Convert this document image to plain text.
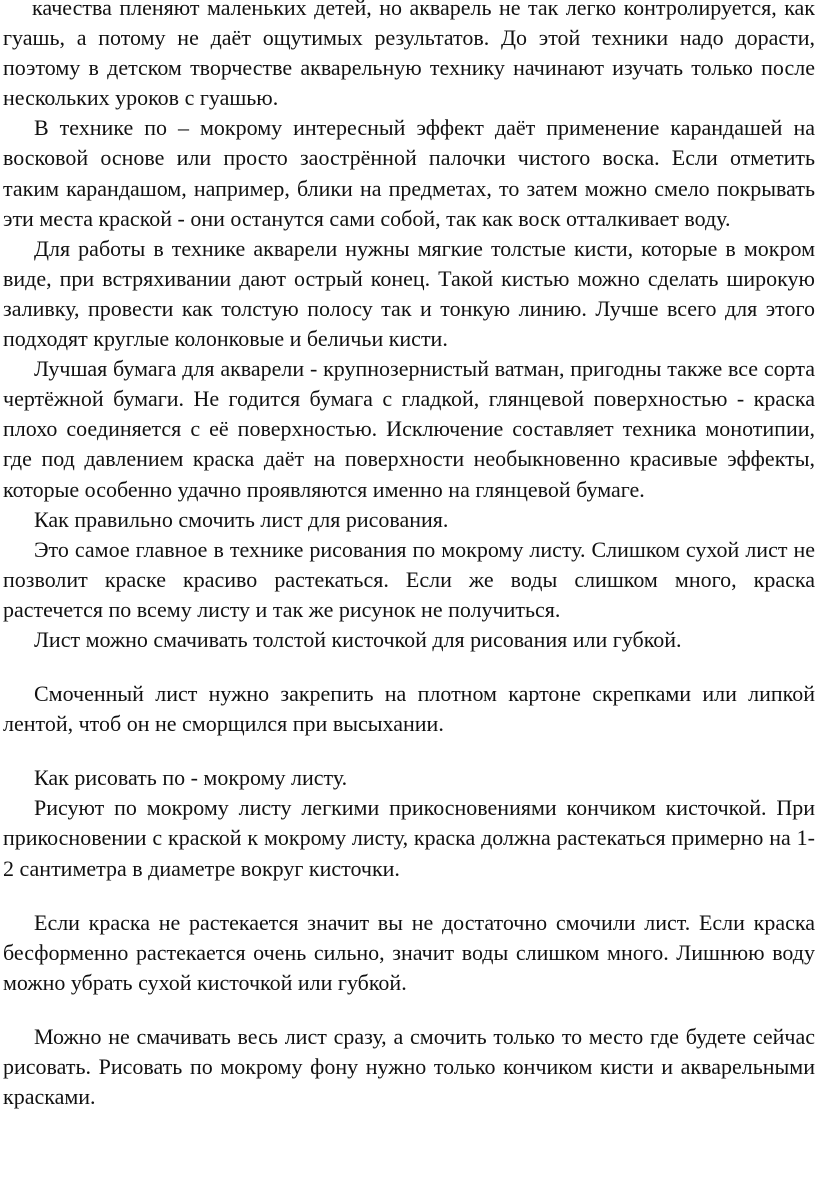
качества пленяют маленьких детей, но акварель не так легко контролируется, как гуашь, а потому не даёт ощутимых результатов. До этой техники надо дорасти, поэтому в детском творчестве акварельную технику начинают изучать только после нескольких уроков с гуашью.

В технике по – мокрому интересный эффект даёт применение карандашей на восковой основе или просто заострённой палочки чистого воска. Если отметить таким карандашом, например, блики на предметах, то затем можно смело покрывать эти места краской - они останутся сами собой, так как воск отталкивает воду.

Для работы в технике акварели нужны мягкие толстые кисти, которые в мокром виде, при встряхивании дают острый конец. Такой кистью можно сделать широкую заливку, провести как толстую полосу так и тонкую линию. Лучше всего для этого подходят круглые колонковые и беличьи кисти.

Лучшая бумага для акварели - крупнозернистый ватман, пригодны также все сорта чертёжной бумаги. Не годится бумага с гладкой, глянцевой поверхностью - краска плохо соединяется с её поверхностью. Исключение составляет техника монотипии, где под давлением краска даёт на поверхности необыкновенно красивые эффекты, которые особенно удачно проявляются именно на глянцевой бумаге.

Как правильно смочить лист для рисования.

Это самое главное в технике рисования по мокрому листу. Слишком сухой лист не позволит краске красиво растекаться. Если же воды слишком много, краска растечется по всему листу и так же рисунок не получиться.

Лист можно смачивать толстой кисточкой для рисования или губкой.

Смоченный лист нужно закрепить на плотном картоне скрепками или липкой лентой, чтоб он не сморщился при высыхании.

Как рисовать по - мокрому листу.

Рисуют по мокрому листу легкими прикосновениями кончиком кисточкой. При прикосновении с краской к мокрому листу, краска должна растекаться примерно на 1-2 сантиметра в диаметре вокруг кисточки.

Если краска не растекается значит вы не достаточно смочили лист. Если краска бесформенно растекается очень сильно, значит воды слишком много. Лишнюю воду можно убрать сухой кисточкой или губкой.

Можно не смачивать весь лист сразу, а смочить только то место где будете сейчас рисовать. Рисовать по мокрому фону нужно только кончиком кисти и акварельными красками.
